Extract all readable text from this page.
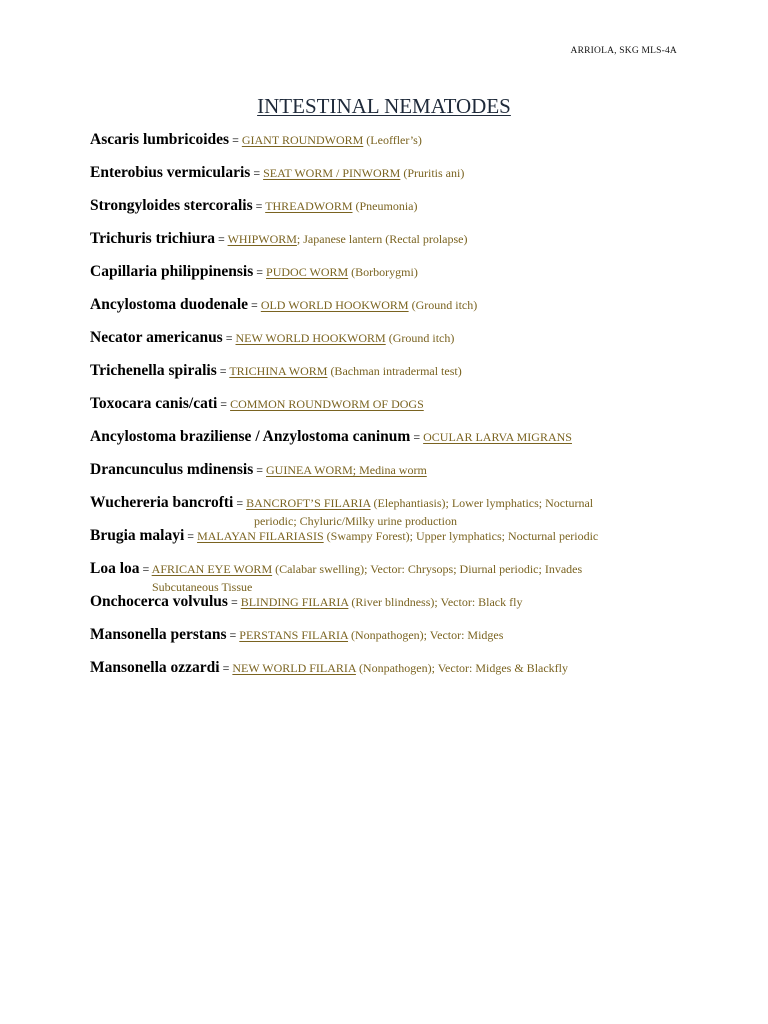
ARRIOLA, SKG MLS-4A
INTESTINAL NEMATODES
Ascaris lumbricoides = GIANT ROUNDWORM (Leoffler’s)
Enterobius vermicularis = SEAT WORM / PINWORM (Pruritis ani)
Strongyloides stercoralis = THREADWORM (Pneumonia)
Trichuris trichiura = WHIPWORM; Japanese lantern (Rectal prolapse)
Capillaria philippinensis = PUDOC WORM (Borborygmi)
Ancylostoma duodenale = OLD WORLD HOOKWORM (Ground itch)
Necator americanus = NEW WORLD HOOKWORM (Ground itch)
Trichenella spiralis = TRICHINA WORM (Bachman intradermal test)
Toxocara canis/cati = COMMON ROUNDWORM OF DOGS
Ancylostoma braziliense / Anzylostoma caninum = OCULAR LARVA MIGRANS
Drancunculus mdinensis = GUINEA WORM; Medina worm
Wuchereria bancrofti = BANCROFT’S FILARIA (Elephantiasis); Lower lymphatics; Nocturnal
periodic; Chyluric/Milky urine production
Brugia malayi = MALAYAN FILARIASIS (Swampy Forest); Upper lymphatics; Nocturnal periodic
Loa loa = AFRICAN EYE WORM (Calabar swelling); Vector: Chrysops; Diurnal periodic; Invades
Subcutaneous Tissue
Onchocerca volvulus = BLINDING FILARIA (River blindness); Vector: Black fly
Mansonella perstans = PERSTANS FILARIA (Nonpathogen); Vector: Midges
Mansonella ozzardi = NEW WORLD FILARIA (Nonpathogen); Vector: Midges & Blackfly
